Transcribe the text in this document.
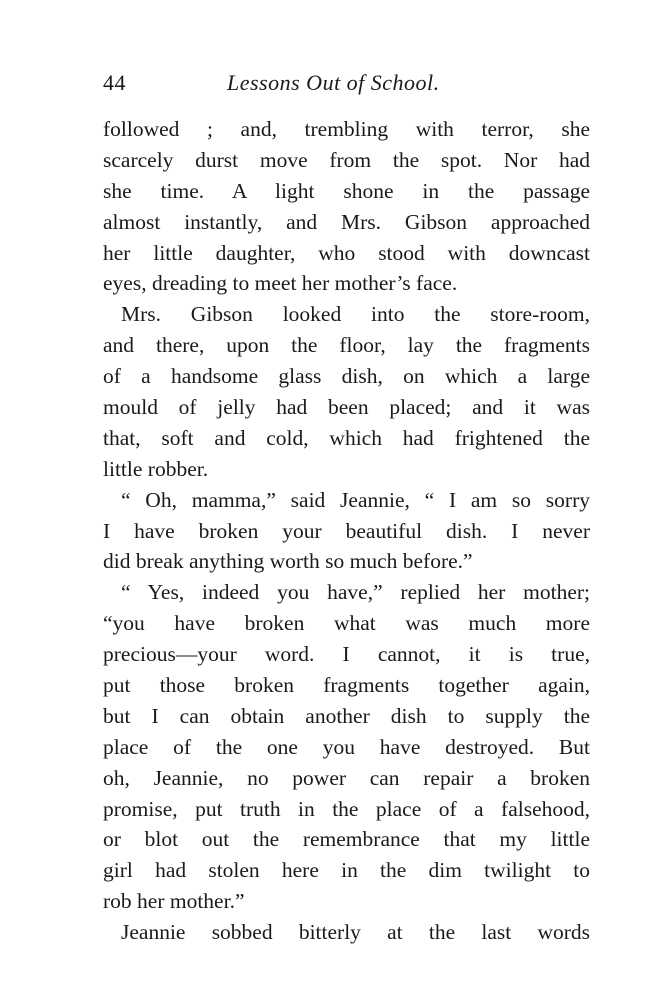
44	Lessons Out of School.
followed ; and, trembling with terror, she
scarcely durst move from the spot. Nor had
she time. A light shone in the passage
almost instantly, and Mrs. Gibson approached
her little daughter, who stood with downcast
eyes, dreading to meet her mother’s face.
Mrs. Gibson looked into the store-room,
and there, upon the floor, lay the fragments
of a handsome glass dish, on which a large
mould of jelly had been placed; and it was
that, soft and cold, which had frightened the
little robber.
“ Oh, mamma,” said Jeannie, “ I am so sorry
I have broken your beautiful dish. I never
did break anything worth so much before.”
“ Yes, indeed you have,” replied her mother;
“you have broken what was much more
precious—your word. I cannot, it is true,
put those broken fragments together again,
but I can obtain another dish to supply the
place of the one you have destroyed. But
oh, Jeannie, no power can repair a broken
promise, put truth in the place of a falsehood,
or blot out the remembrance that my little
girl had stolen here in the dim twilight to
rob her mother.”
Jeannie sobbed bitterly at the last words
